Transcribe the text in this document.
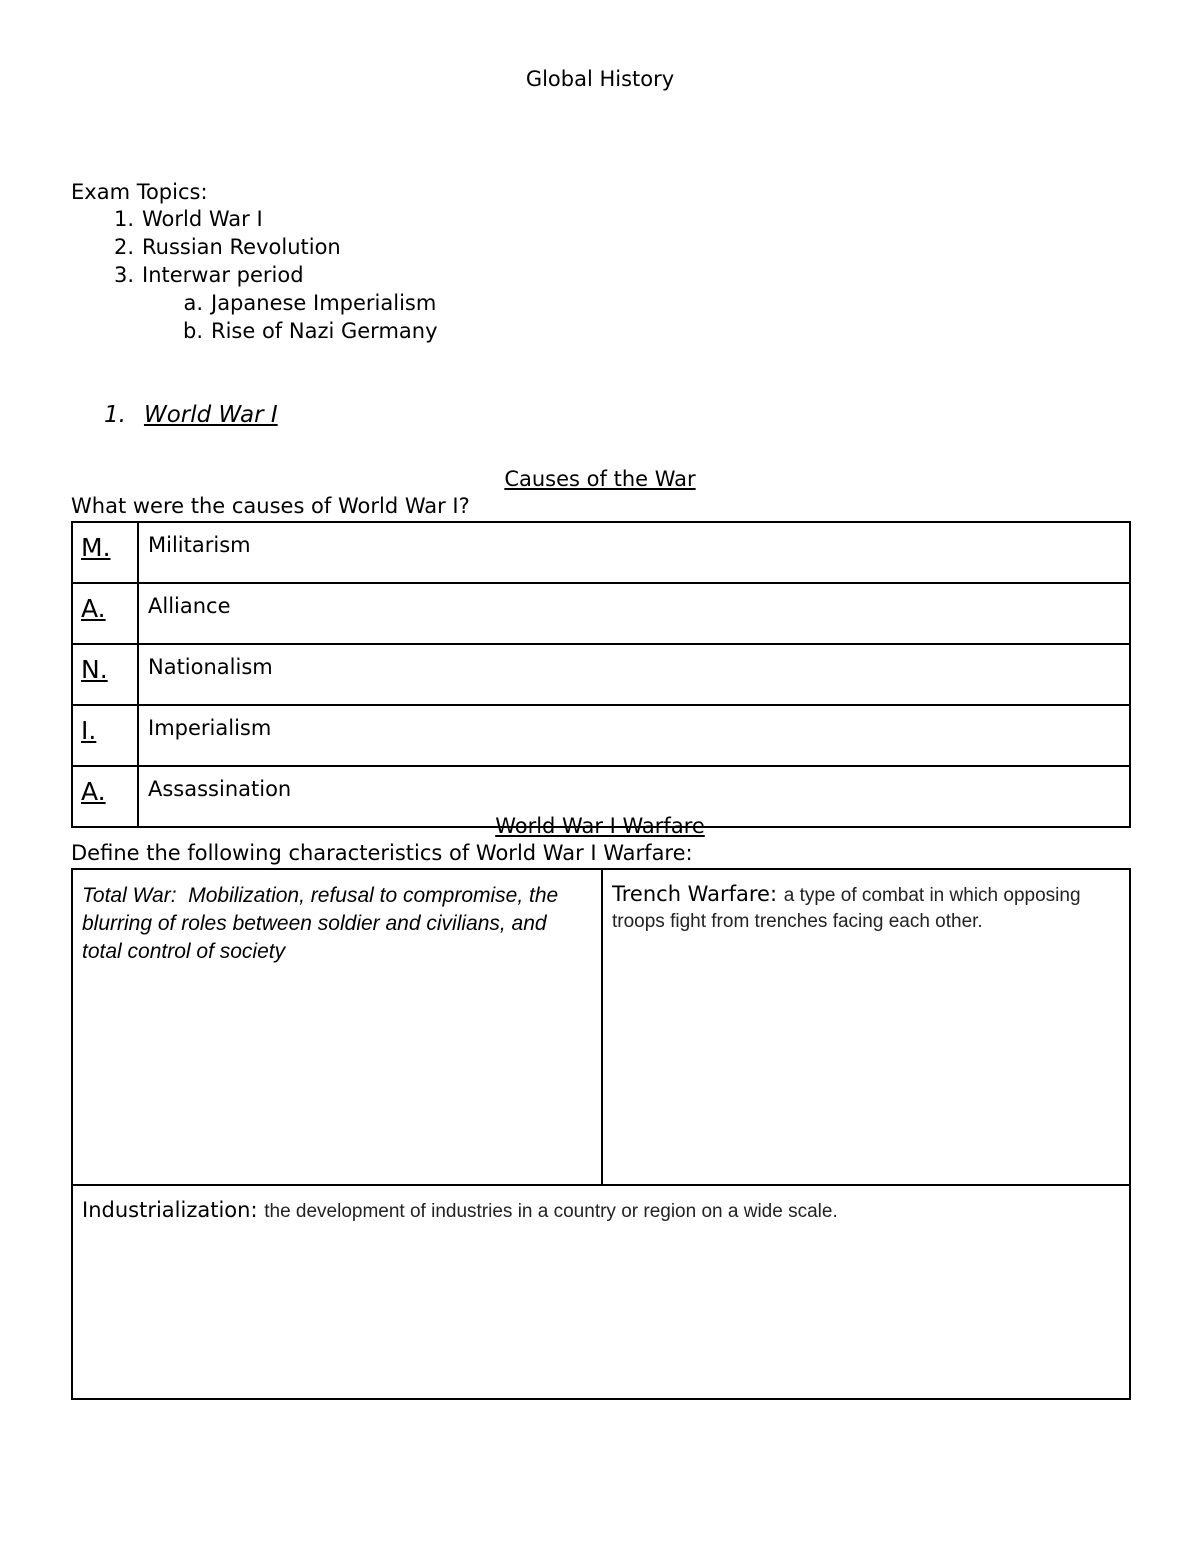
Global History
Exam Topics:
1. World War I
2. Russian Revolution
3. Interwar period
a. Japanese Imperialism
b. Rise of Nazi Germany
1. World War I
Causes of the War
What were the causes of World War I?
M.	Militarism
A.	Alliance
N.	Nationalism
I.	Imperialism
A.	Assassination
World War I Warfare
Define the following characteristics of World War I Warfare:
Total War: Mobilization, refusal to compromise, the blurring of roles between soldier and civilians, and total control of society	Trench Warfare: a type of combat in which opposing troops fight from trenches facing each other.
Industrialization: the development of industries in a country or region on a wide scale.
